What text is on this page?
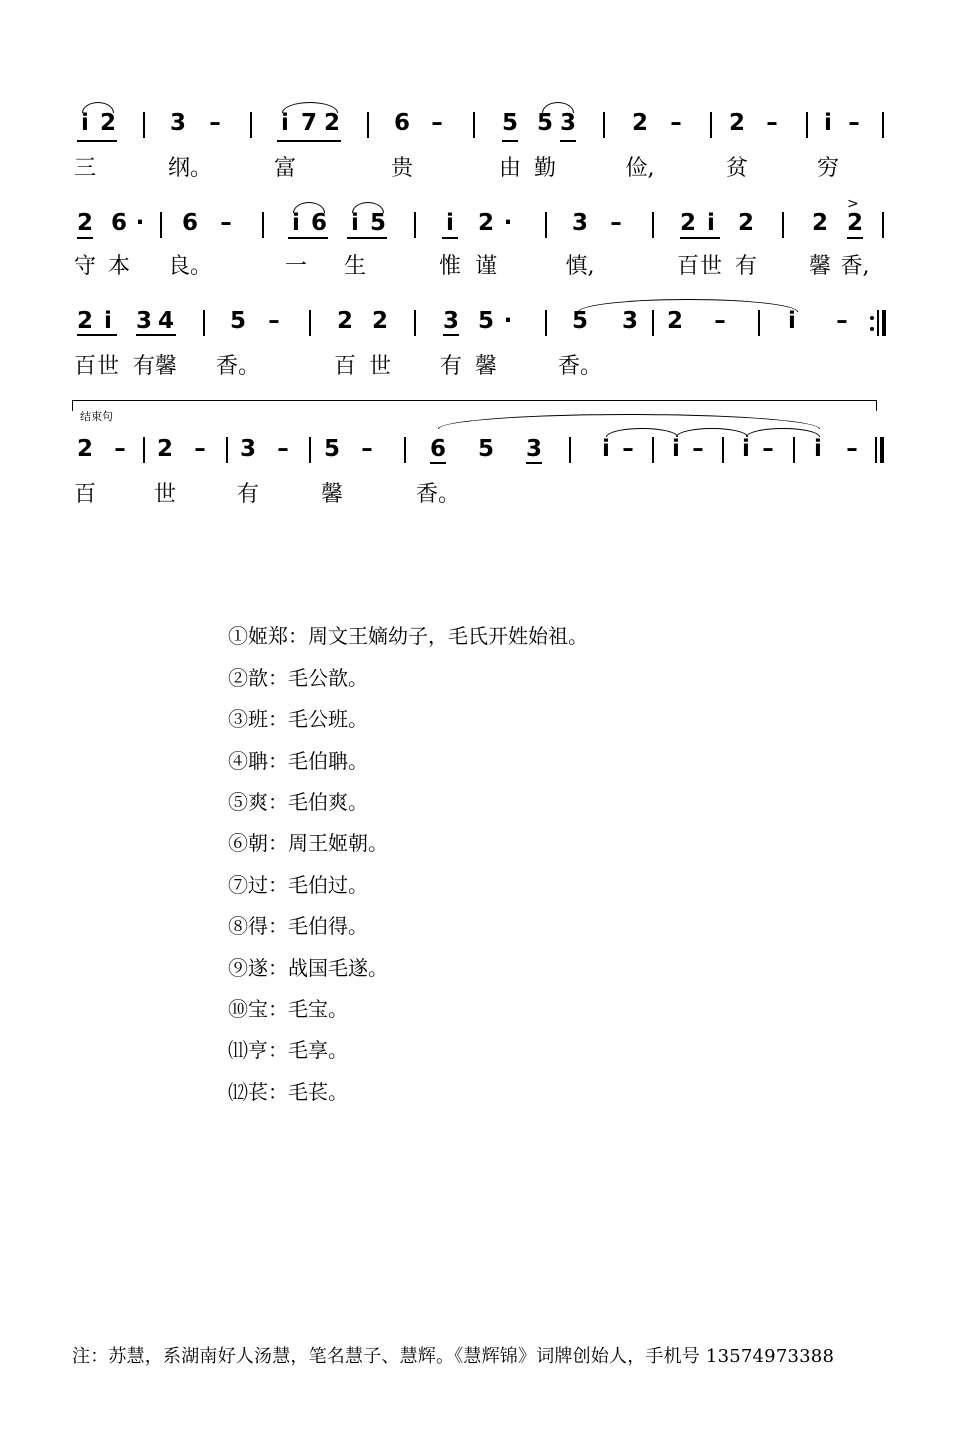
i 2 3 –	i 7 2 6 –	5 5 3 2 – 2 – i –
三	纲。	富	贵	由 勤	俭,	贫	穷
2 6 · 6 –	i 6 i 5	i 2 ·	3 –	2 i 2	2 2
守 本 良。	一 生	惟 谨	慎,	百 世 有 馨 香,
2 i 3 4 5 – 2 2 3 5 ·	5 3 2 –	i –
百 世 有 馨 香。	百 世 有 馨	香。
2 – 2 – 3 – 5 – 6 5 3	i – i – i – i –
百	世	有	馨	香。
结束句
>
①姬郑：周文王嫡幼子，毛氏开姓始祖。
②歆：毛公歆。
③班：毛公班。
④聃：毛伯聃。
⑤爽：毛伯爽。
⑥朝：周王姬朝。
⑦过：毛伯过。
⑧得：毛伯得。
⑨遂：战国毛遂。
⑩宝：毛宝。
⑾亨：毛享。
⑿苌：毛苌。
注：苏慧，系湖南好人汤慧，笔名慧子、慧辉。《慧辉锦》词牌创始人，手机号 13574973388
